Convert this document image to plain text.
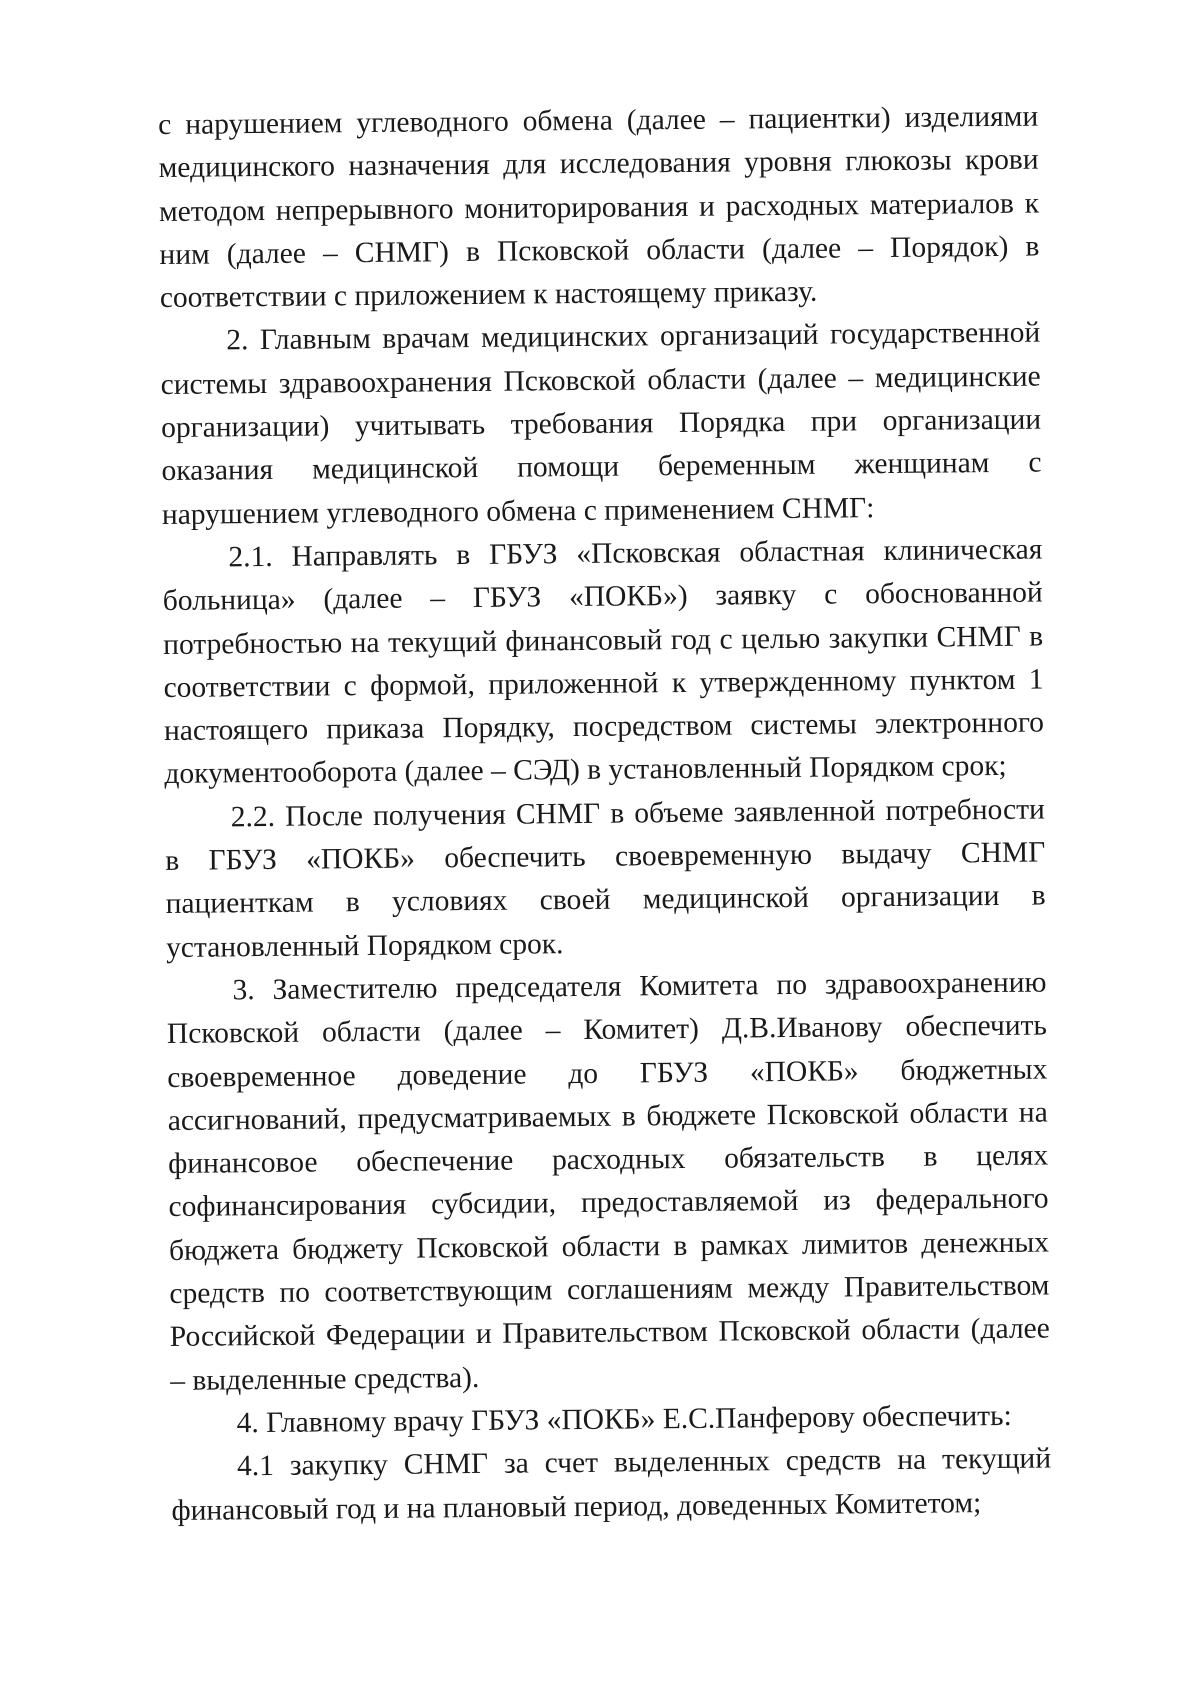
с нарушением углеводного обмена (далее – пациентки) изделиями медицинского назначения для исследования уровня глюкозы крови методом непрерывного мониторирования и расходных материалов к ним (далее – СНМГ) в Псковской области (далее – Порядок) в соответствии с приложением к настоящему приказу.

2. Главным врачам медицинских организаций государственной системы здравоохранения Псковской области (далее – медицинские организации) учитывать требования Порядка при организации оказания медицинской помощи беременным женщинам с нарушением углеводного обмена с применением СНМГ:

2.1. Направлять в ГБУЗ «Псковская областная клиническая больница» (далее – ГБУЗ «ПОКБ») заявку с обоснованной потребностью на текущий финансовый год с целью закупки СНМГ в соответствии с формой, приложенной к утвержденному пунктом 1 настоящего приказа Порядку, посредством системы электронного документооборота (далее – СЭД) в установленный Порядком срок;

2.2. После получения СНМГ в объеме заявленной потребности в ГБУЗ «ПОКБ» обеспечить своевременную выдачу СНМГ пациенткам в условиях своей медицинской организации в установленный Порядком срок.

3. Заместителю председателя Комитета по здравоохранению Псковской области (далее – Комитет) Д.В.Иванову обеспечить своевременное доведение до ГБУЗ «ПОКБ» бюджетных ассигнований, предусматриваемых в бюджете Псковской области на финансовое обеспечение расходных обязательств в целях софинансирования субсидии, предоставляемой из федерального бюджета бюджету Псковской области в рамках лимитов денежных средств по соответствующим соглашениям между Правительством Российской Федерации и Правительством Псковской области (далее – выделенные средства).

4. Главному врачу ГБУЗ «ПОКБ» Е.С.Панферову обеспечить:

4.1 закупку СНМГ за счет выделенных средств на текущий финансовый год и на плановый период, доведенных Комитетом;
